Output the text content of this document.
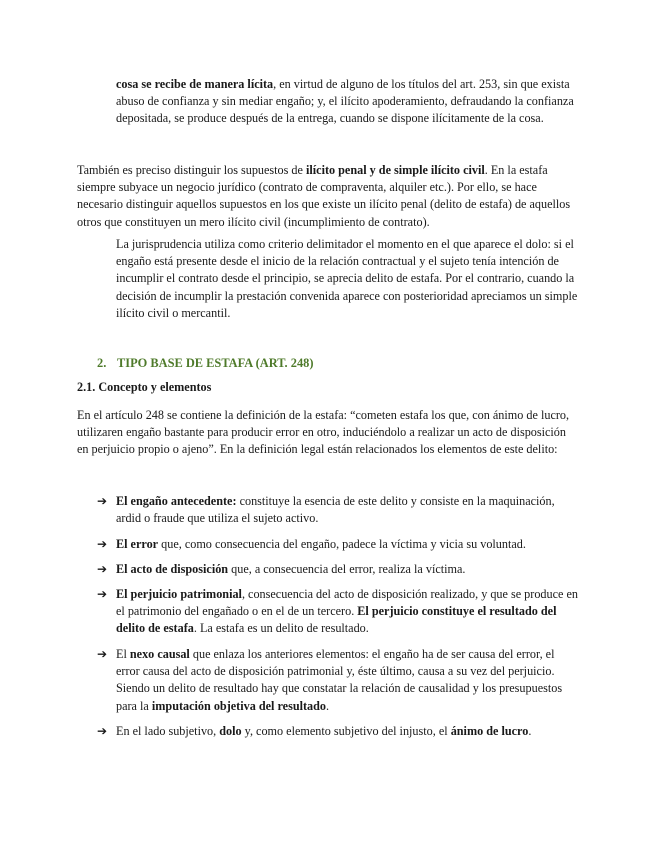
cosa se recibe de manera lícita, en virtud de alguno de los títulos del art. 253, sin que exista abuso de confianza y sin mediar engaño; y, el ilícito apoderamiento, defraudando la confianza depositada, se produce después de la entrega, cuando se dispone ilícitamente de la cosa.

También es preciso distinguir los supuestos de ilícito penal y de simple ilícito civil. En la estafa siempre subyace un negocio jurídico (contrato de compraventa, alquiler etc.). Por ello, se hace necesario distinguir aquellos supuestos en los que existe un ilícito penal (delito de estafa) de aquellos otros que constituyen un mero ilícito civil (incumplimiento de contrato).

La jurisprudencia utiliza como criterio delimitador el momento en el que aparece el dolo: si el engaño está presente desde el inicio de la relación contractual y el sujeto tenía intención de incumplir el contrato desde el principio, se aprecia delito de estafa. Por el contrario, cuando la decisión de incumplir la prestación convenida aparece con posterioridad apreciamos un simple ilícito civil o mercantil.

2. TIPO BASE DE ESTAFA (ART. 248)
2.1. Concepto y elementos

En el artículo 248 se contiene la definición de la estafa: “cometen estafa los que, con ánimo de lucro, utilizaren engaño bastante para producir error en otro, induciéndolo a realizar un acto de disposición en perjuicio propio o ajeno”. En la definición legal están relacionados los elementos de este delito:

➔ El engaño antecedente: constituye la esencia de este delito y consiste en la maquinación, ardid o fraude que utiliza el sujeto activo.

➔ El error que, como consecuencia del engaño, padece la víctima y vicia su voluntad.

➔ El acto de disposición que, a consecuencia del error, realiza la víctima.

➔ El perjuicio patrimonial, consecuencia del acto de disposición realizado, y que se produce en el patrimonio del engañado o en el de un tercero. El perjuicio constituye el resultado del delito de estafa. La estafa es un delito de resultado.

➔ El nexo causal que enlaza los anteriores elementos: el engaño ha de ser causa del error, el error causa del acto de disposición patrimonial y, éste último, causa a su vez del perjuicio. Siendo un delito de resultado hay que constatar la relación de causalidad y los presupuestos para la imputación objetiva del resultado.

➔ En el lado subjetivo, dolo y, como elemento subjetivo del injusto, el ánimo de lucro.
